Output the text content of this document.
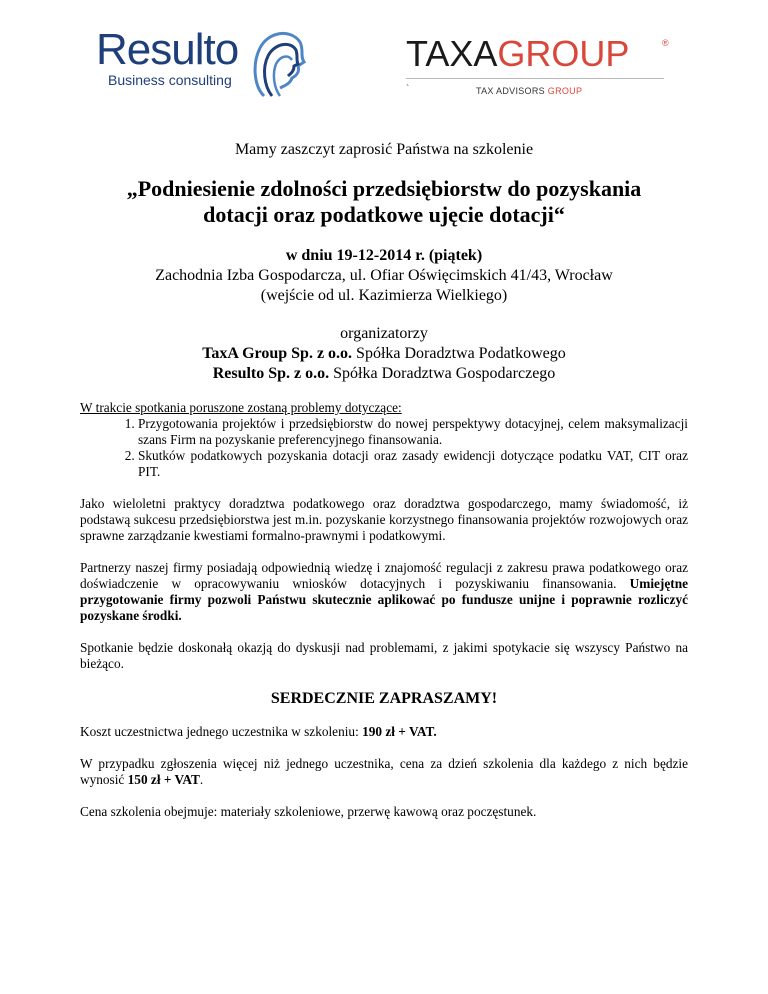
Resulto
Business consulting
TAXAGROUP	®
`	TAX ADVISORS GROUP

Mamy zaszczyt zaprosić Państwa na szkolenie

„Podniesienie zdolności przedsiębiorstw do pozyskania
dotacji oraz podatkowe ujęcie dotacji“
w dniu 19-12-2014 r. (piątek)
Zachodnia Izba Gospodarcza, ul. Ofiar Oświęcimskich 41/43, Wrocław
(wejście od ul. Kazimierza Wielkiego)
organizatorzy
TaxA Group Sp. z o.o. Spółka Doradztwa Podatkowego
Resulto Sp. z o.o. Spółka Doradztwa Gospodarczego
W trakcie spotkania poruszone zostaną problemy dotyczące:
1. Przygotowania projektów i przedsiębiorstw do nowej perspektywy dotacyjnej, celem maksymalizacji szans Firm na pozyskanie preferencyjnego finansowania.
2. Skutków podatkowych pozyskania dotacji oraz zasady ewidencji dotyczące podatku VAT, CIT oraz PIT.

Jako wieloletni praktycy doradztwa podatkowego oraz doradztwa gospodarczego, mamy świadomość, iż podstawą sukcesu przedsiębiorstwa jest m.in. pozyskanie korzystnego finansowania projektów rozwojowych oraz sprawne zarządzanie kwestiami formalno-prawnymi i podatkowymi.

Partnerzy naszej firmy posiadają odpowiednią wiedzę i znajomość regulacji z zakresu prawa podatkowego oraz doświadczenie w opracowywaniu wniosków dotacyjnych i pozyskiwaniu finansowania. Umiejętne przygotowanie firmy pozwoli Państwu skutecznie aplikować po fundusze unijne i poprawnie rozliczyć pozyskane środki.

Spotkanie będzie doskonałą okazją do dyskusji nad problemami, z jakimi spotykacie się wszyscy Państwo na bieżąco.

SERDECZNIE ZAPRASZAMY!

Koszt uczestnictwa jednego uczestnika w szkoleniu: 190 zł + VAT.

W przypadku zgłoszenia więcej niż jednego uczestnika, cena za dzień szkolenia dla każdego z nich będzie wynosić 150 zł + VAT.

Cena szkolenia obejmuje: materiały szkoleniowe, przerwę kawową oraz poczęstunek.
